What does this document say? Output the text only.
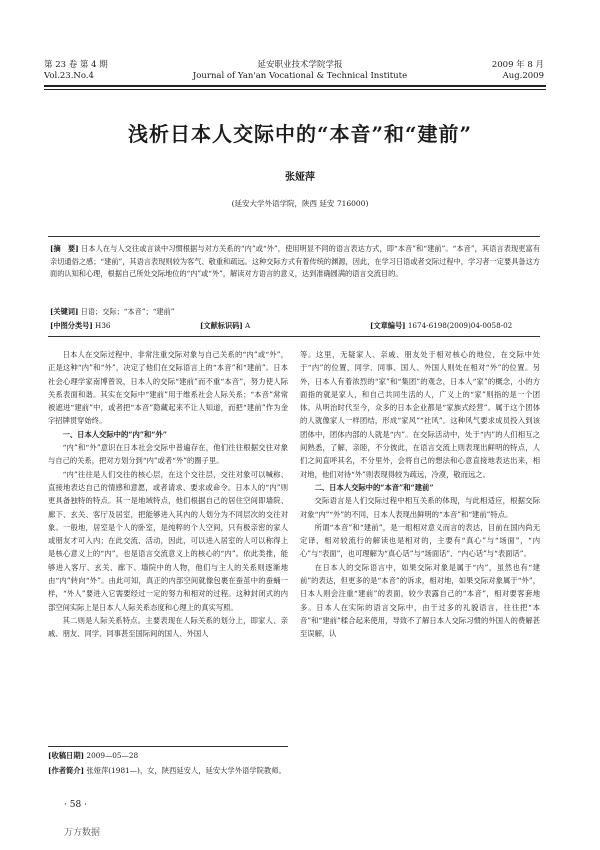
第 23 卷 第 4 期
Vol.23.No.4
延安职业技术学院学报
Journal of Yan'an Vocational & Technical Institute
2009 年 8 月
Aug.2009
浅析日本人交际中的“本音”和“建前”
张娅萍
(延安大学外语学院，陕西 延安 716000)
[摘　要] 日本人在与人交往或言谈中习惯根据与对方关系的“内”或“外”，使用明显不同的语言表达方式，即“本音”和“建前”。“本音”，其语言表现更富有亲切通俗之感；“建前”，其语言表现则较为客气、敬重和疏远。这种交际方式有着传统的渊源，因此，在学习日语或者交际过程中，学习者一定要具备这方面的认知和心理，根据自己所处交际地位的“内”或“外”，解读对方语言的意义，达到准确圆满的语言交流目的。
[关键词] 日语；交际；“本音”；“建前”
[中图分类号] H36	[文献标识码] A	[文章编号] 1674-6198(2009)04-0058-02

日本人在交际过程中，非常注重交际对象与自己关系的“内”或“外”，正是这种“内”和“外”，决定了他们在交际语言上的“本音”和“建前”。日本社会心理学家南博曾说，日本人的交际“建前”而不重“本音”，努力使人际关系表面和谐。其实在交际中“建前”用于维系社会人际关系；“本音”常常被遮进“建前”中，或者把“本音”隐藏起来不让人知道，而把“建前”作为金字招牌贯穿始终。

一、日本人交际中的“内”和“外”

“内”和“外”意识在日本社会交际中普遍存在，他们往往根据交往对象与自己的关系，把对方划分到“内”或者“外”的圈子里。

“内”往往是人们交往的核心层，在这个交往层，交往对象可以喊称、直接地表达自己的情感和意愿，或者请求、要求或命令。日本人的“内”则更具备独特的特点。其一是地域特点，他们根据自己的居住空间即墙院、廊下、玄关、客厅及居室，把能够进入其内的人划分为不同层次的交往对象。一般地，居室是个人的卧室，是纯粹的个人空间，只有极亲密的家人或朋友才可入内；在此交流、活动，因此，可以进入居室的人可以称得上是核心意义上的“内”，也是语言交流意义上的核心的“内”。依此类推，能够进入客厅、玄关、廊下、墙院中的人物，他们与主人的关系则逐渐地由“内”转向“外”。由此可知，真正的内部空间就像包裹在蚕茧中的蚕蛹一样，“外人”要进入它需要经过一定的努力和相对的过程。这种封闭式的内部空间实际上是日本人人际关系态度和心理上的真实写照。

其二则是人际关系特点。主要表现在人际关系的划分上，即家人、亲戚、朋友、同学、同事甚至国际间的国人、外国人

等。这里，无疑家人、亲戚、朋友处于相对核心的地位，在交际中处于“内”的位置，同学、同事、国人、外国人则处在相对“外”的位置。另外，日本人有着浓烈的“家”和“集团”的观念，日本人“家”的概念，小的方面指的就是家人，和自己共同生活的人，广义上的“家”则指的是一个团体。从明治时代至今，众多的日本企业都是“家族式经营”。属于这个团体的人就像家人一样团结，形成“家风”“社风”。这种风气要求成员投入到该团体中，团体内部的人就是“内”。在交际活动中，处于“内”的人们相互之间熟悉，了解，亲睦，不分彼此，在语言交流上则表现出鲜明的特点，人们之间直呼其名，不分里外，会将自己的想法和心意直接地表达出来，相对地，他们对待“外”则表现得较为疏远，冷漠，敬而远之。

二、日本人交际中的“本音”和“建前”

交际语言是人们交际过程中相互关系的体现，与此相适应，根据交际对象“内”“外”的不同，日本人表现出鲜明的“本音”和“建前”特点。

所谓“本音”和“建前”，是一组相对意义而言的表达，目前在国内尚无定译，相对较流行的解读也是相对的，主要有“真心”与“场面”，“内心”与“表面”，也可理解为“真心话”与“场面话”、“内心话”与“表面话”。

在日本人的交际语言中，如果交际对象是属于“内”，虽然也有“建前”的表达，但更多的是“本音”的诉求，相对地，如果交际对象属于“外”，日本人则会注重“建前”的表面，较少表露自己的“本音”，相对要客套地多。日本人在实际的语言交际中，由于过多的礼貌语言，往往把“本音”和“建前”糅合起来使用，导致不了解日本人交际习惯的外国人的费解甚至误解，认

[收稿日期] 2009—05—28
[作者简介] 张娅萍(1981—)，女，陕西延安人，延安大学外语学院教师。
· 58 ·
万方数据
